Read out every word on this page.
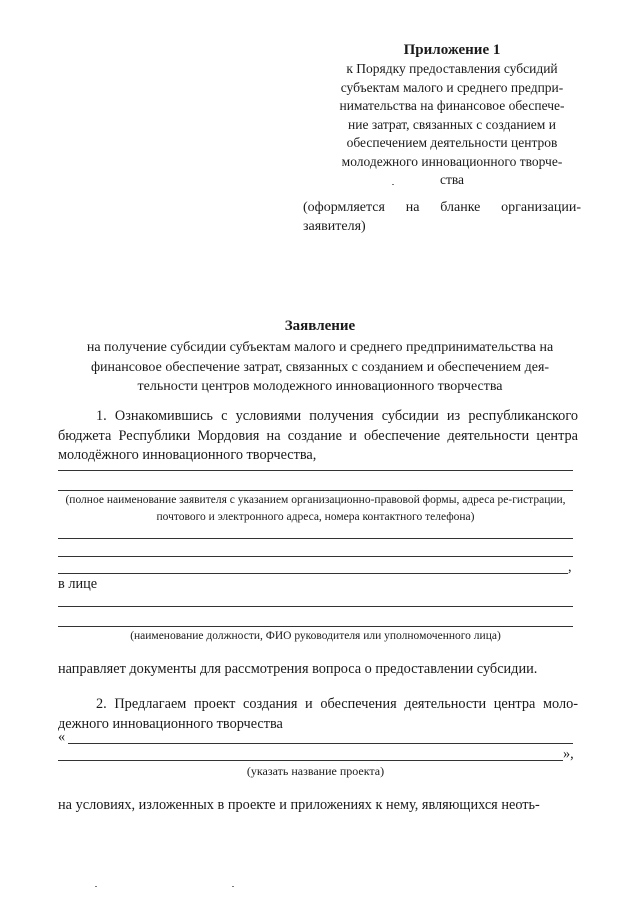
Приложение 1
к Порядку предоставления субсидий
субъектам малого и среднего предпри-
нимательства на финансовое обеспече-
ние затрат, связанных с созданием и
обеспечением деятельности центров
молодежного инновационного творче-
ства
(оформляется на бланке организации-заявителя)
Заявление
на получение субсидии субъектам малого и среднего предпринимательства на
финансовое обеспечение затрат, связанных с созданием и обеспечением дея-
тельности центров молодежного инновационного творчества
1. Ознакомившись с условиями получения субсидии из республиканского бюджета Республики Мордовия на создание и обеспечение деятельности центра молодёжного инновационного творчества,
(полное наименование заявителя с указанием организационно-правовой формы, адреса ре-гистрации, почтового и электронного адреса, номера контактного телефона)
,
в лице
(наименование должности, ФИО руководителя или уполномоченного лица)
направляет документы для рассмотрения вопроса о предоставлении субсидии.
2. Предлагаем проект создания и обеспечения деятельности центра моло-дежного инновационного творчества
«
»,
(указать название проекта)
на условиях, изложенных в проекте и приложениях к нему, являющихся неоть-
